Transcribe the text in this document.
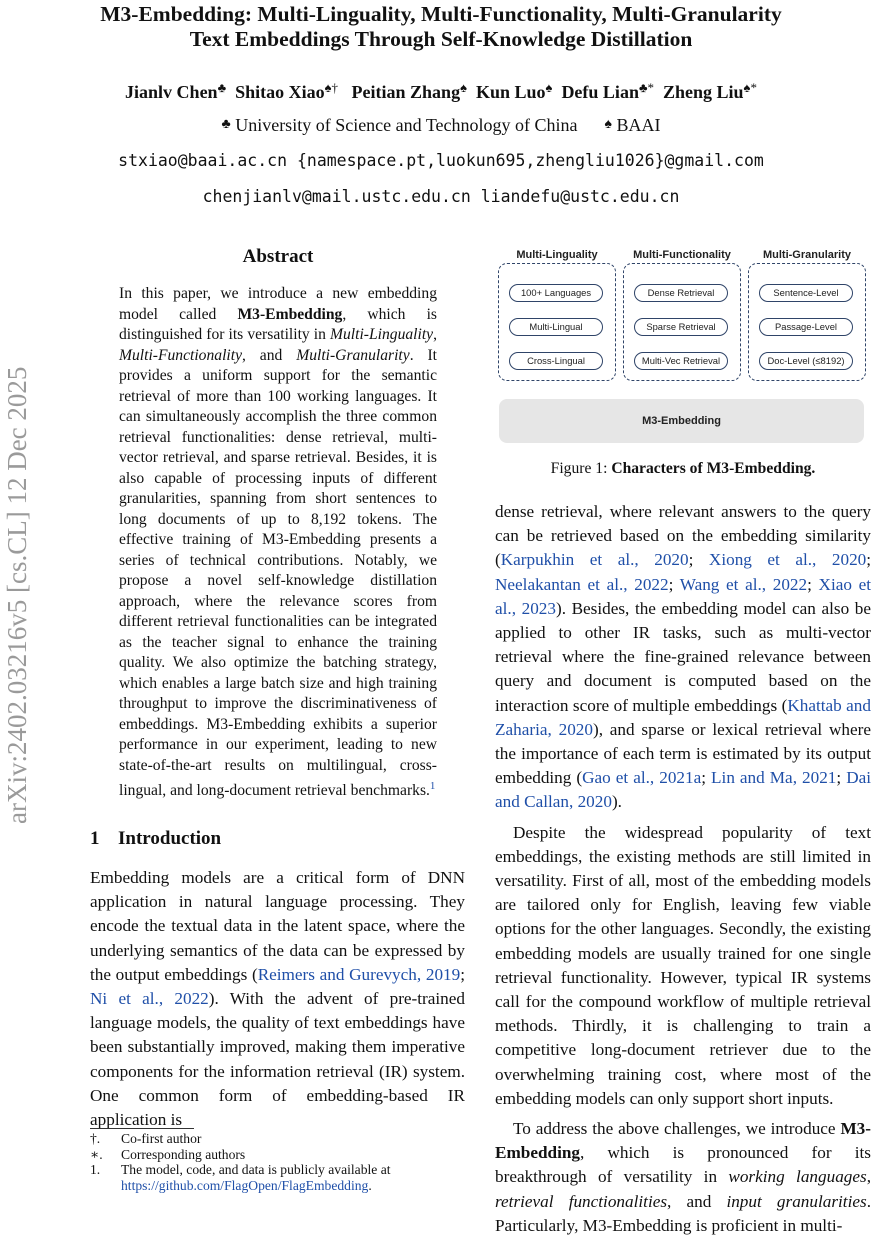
M3-Embedding: Multi-Linguality, Multi-Functionality, Multi-Granularity
Text Embeddings Through Self-Knowledge Distillation
Jianlv Chen♣ Shitao Xiao♠† Peitian Zhang♠ Kun Luo♠ Defu Lian♣* Zheng Liu♠*
♣ University of Science and Technology of China ♠ BAAI
stxiao@baai.ac.cn {namespace.pt,luokun695,zhengliu1026}@gmail.com
chenjianlv@mail.ustc.edu.cn liandefu@ustc.edu.cn
arXiv:2402.03216v5 [cs.CL] 12 Dec 2025
Abstract
In this paper, we introduce a new embedding model called M3-Embedding, which is distinguished for its versatility in Multi-Linguality, Multi-Functionality, and Multi-Granularity. It provides a uniform support for the semantic retrieval of more than 100 working languages. It can simultaneously accomplish the three common retrieval functionalities: dense retrieval, multi-vector retrieval, and sparse retrieval. Besides, it is also capable of processing inputs of different granularities, spanning from short sentences to long documents of up to 8,192 tokens. The effective training of M3-Embedding presents a series of technical contributions. Notably, we propose a novel self-knowledge distillation approach, where the relevance scores from different retrieval functionalities can be integrated as the teacher signal to enhance the training quality. We also optimize the batching strategy, which enables a large batch size and high training throughput to improve the discriminativeness of embeddings. M3-Embedding exhibits a superior performance in our experiment, leading to new state-of-the-art results on multilingual, cross-lingual, and long-document retrieval benchmarks.$^1$
1 Introduction
Embedding models are a critical form of DNN application in natural language processing. They encode the textual data in the latent space, where the underlying semantics of the data can be expressed by the output embeddings (Reimers and Gurevych, 2019; Ni et al., 2022). With the advent of pre-trained language models, the quality of text embeddings have been substantially improved, making them imperative components for the information retrieval (IR) system. One common form of embedding-based IR application is
†.	Co-first author
∗.	Corresponding authors
1.	The model, code, and data is publicly available at
https://github.com/FlagOpen/FlagEmbedding.
Multi-Linguality	Multi-Functionality	Multi-Granularity
100+ Languages
Multi-Lingual
Cross-Lingual
Dense Retrieval
Sparse Retrieval
Multi-Vec Retrieval
Sentence-Level
Passage-Level
Doc-Level (≤8192)
M3-Embedding
Figure 1: Characters of M3-Embedding.

dense retrieval, where relevant answers to the query can be retrieved based on the embedding similarity (Karpukhin et al., 2020; Xiong et al., 2020; Neelakantan et al., 2022; Wang et al., 2022; Xiao et al., 2023). Besides, the embedding model can also be applied to other IR tasks, such as multi-vector retrieval where the fine-grained relevance between query and document is computed based on the interaction score of multiple embeddings (Khattab and Zaharia, 2020), and sparse or lexical retrieval where the importance of each term is estimated by its output embedding (Gao et al., 2021a; Lin and Ma, 2021; Dai and Callan, 2020).

Despite the widespread popularity of text embeddings, the existing methods are still limited in versatility. First of all, most of the embedding models are tailored only for English, leaving few viable options for the other languages. Secondly, the existing embedding models are usually trained for one single retrieval functionality. However, typical IR systems call for the compound workflow of multiple retrieval methods. Thirdly, it is challenging to train a competitive long-document retriever due to the overwhelming training cost, where most of the embedding models can only support short inputs.

To address the above challenges, we introduce M3-Embedding, which is pronounced for its breakthrough of versatility in working languages, retrieval functionalities, and input granularities. Particularly, M3-Embedding is proficient in multi-
